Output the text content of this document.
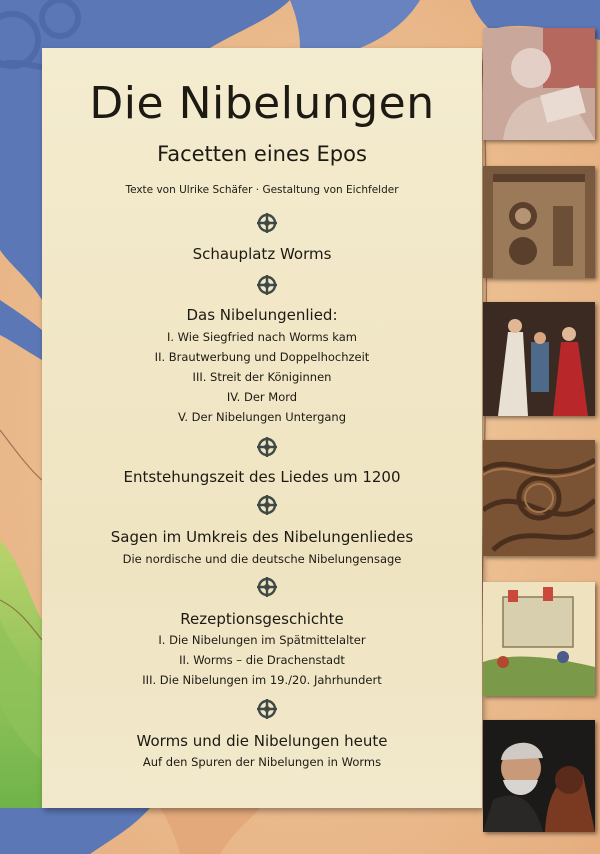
Die Nibelungen
Facetten eines Epos
Texte von Ulrike Schäfer · Gestaltung von Eichfelder
Schauplatz Worms
Das Nibelungenlied:
I. Wie Siegfried nach Worms kam
II. Brautwerbung und Doppelhochzeit
III. Streit der Königinnen
IV. Der Mord
V. Der Nibelungen Untergang
Entstehungszeit des Liedes um 1200
Sagen im Umkreis des Nibelungenliedes
Die nordische und die deutsche Nibelungensage
Rezeptionsgeschichte
I. Die Nibelungen im Spätmittelalter
II. Worms – die Drachenstadt
III. Die Nibelungen im 19./20. Jahrhundert
Worms und die Nibelungen heute
Auf den Spuren der Nibelungen in Worms
